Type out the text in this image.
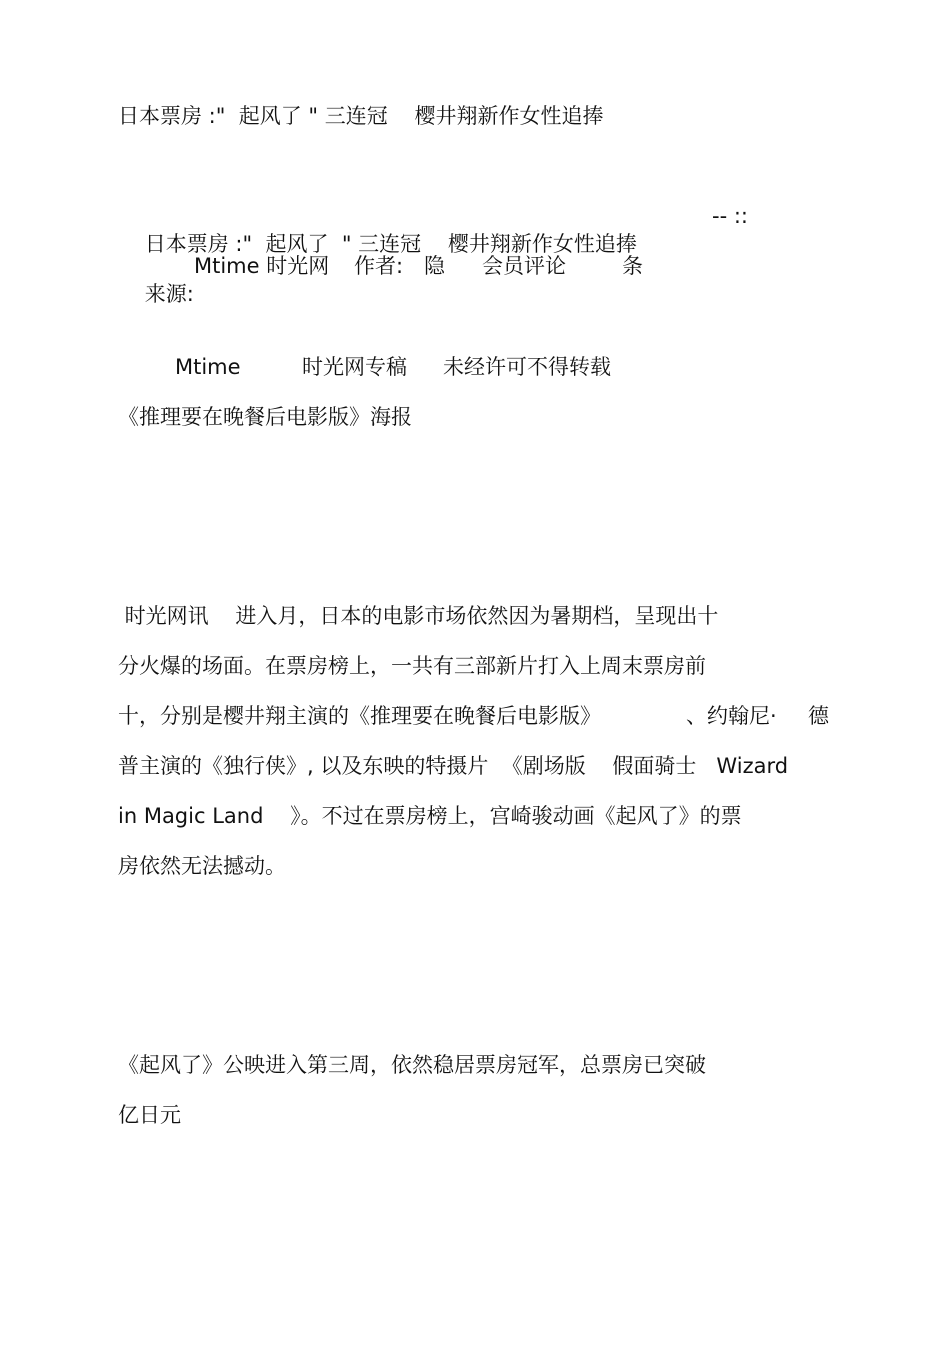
日本票房 :"  起风了 " 三连冠    樱井翔新作女性追捧

日本票房 :"  起风了  " 三连冠    樱井翔新作女性追捧

-- ::

来源:

Mtime 时光网 作者: 隐 会员评论	条
Mtime	时光网专稿 未经许可不得转载
《推理要在晚餐后电影版》海报
时光网讯    进入月，日本的电影市场依然因为暑期档，呈现出十
分火爆的场面。在票房榜上，一共有三部新片打入上周末票房前
十，分别是樱井翔主演的《推理要在晚餐后电影版》	、约翰尼· 德
普主演的《独行侠》, 以及东映的特摄片  《剧场版    假面骑士   Wizard
in Magic Land    》。不过在票房榜上，宫崎骏动画《起风了》的票
房依然无法撼动。
《起风了》公映进入第三周，依然稳居票房冠军，总票房已突破
亿日元
